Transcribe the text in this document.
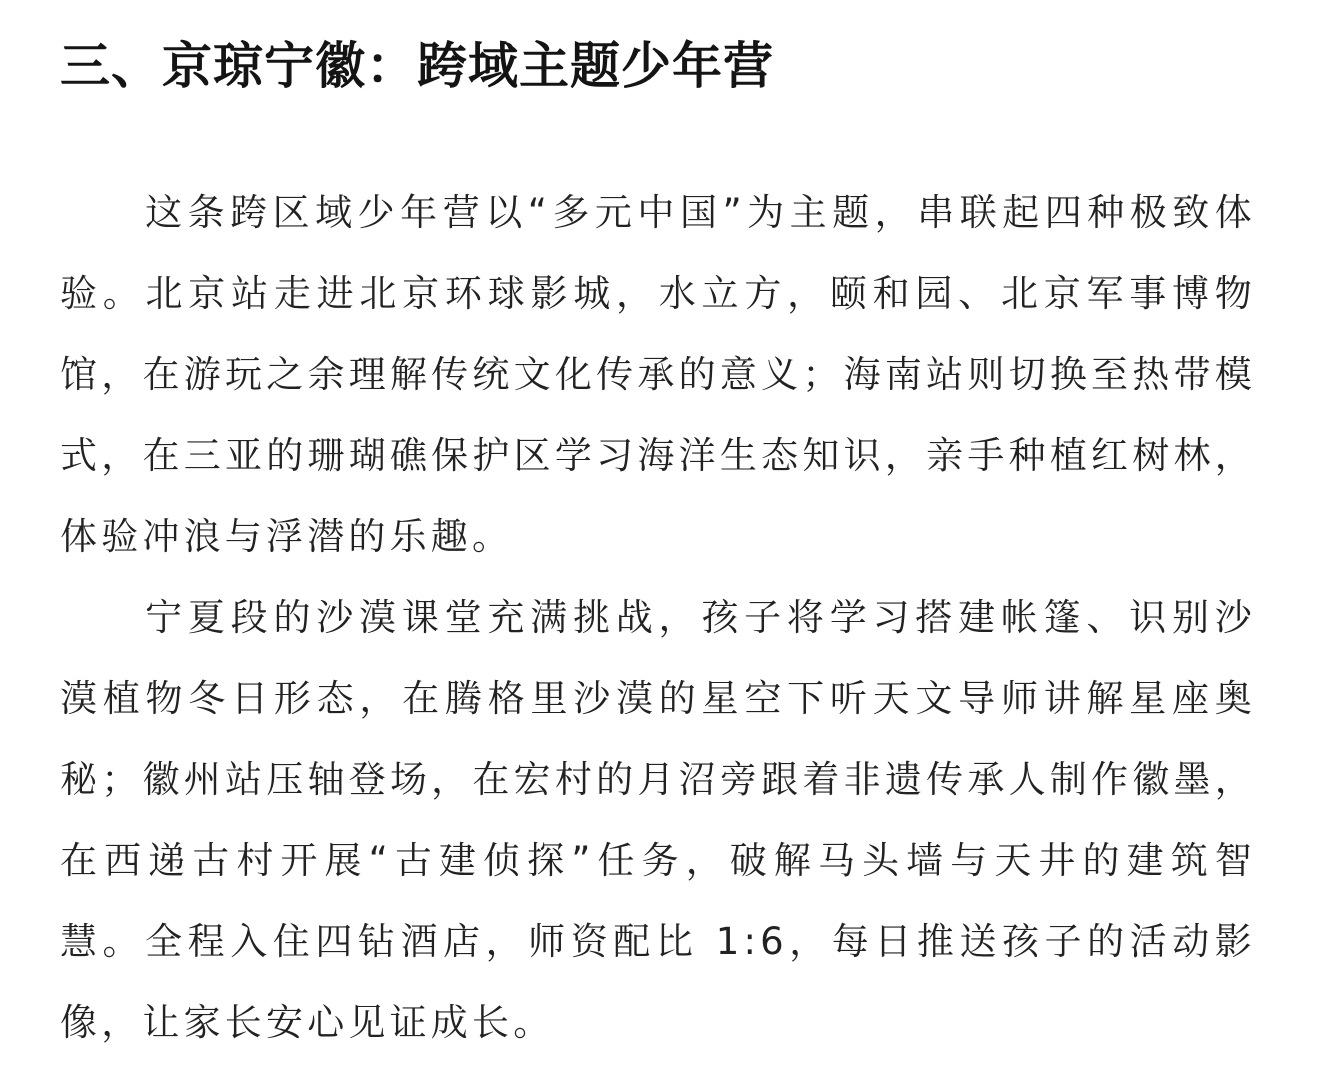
三、京琼宁徽：跨域主题少年营

这条跨区域少年营以“多元中国”为主题，串联起四种极致体验。北京站走进北京环球影城，水立方，颐和园、北京军事博物馆，在游玩之余理解传统文化传承的意义；海南站则切换至热带模式，在三亚的珊瑚礁保护区学习海洋生态知识，亲手种植红树林，体验冲浪与浮潜的乐趣。

宁夏段的沙漠课堂充满挑战，孩子将学习搭建帐篷、识别沙漠植物冬日形态，在腾格里沙漠的星空下听天文导师讲解星座奥秘；徽州站压轴登场，在宏村的月沼旁跟着非遗传承人制作徽墨，在西递古村开展“古建侦探”任务，破解马头墙与天井的建筑智慧。全程入住四钻酒店，师资配比 1:6，每日推送孩子的活动影像，让家长安心见证成长。
